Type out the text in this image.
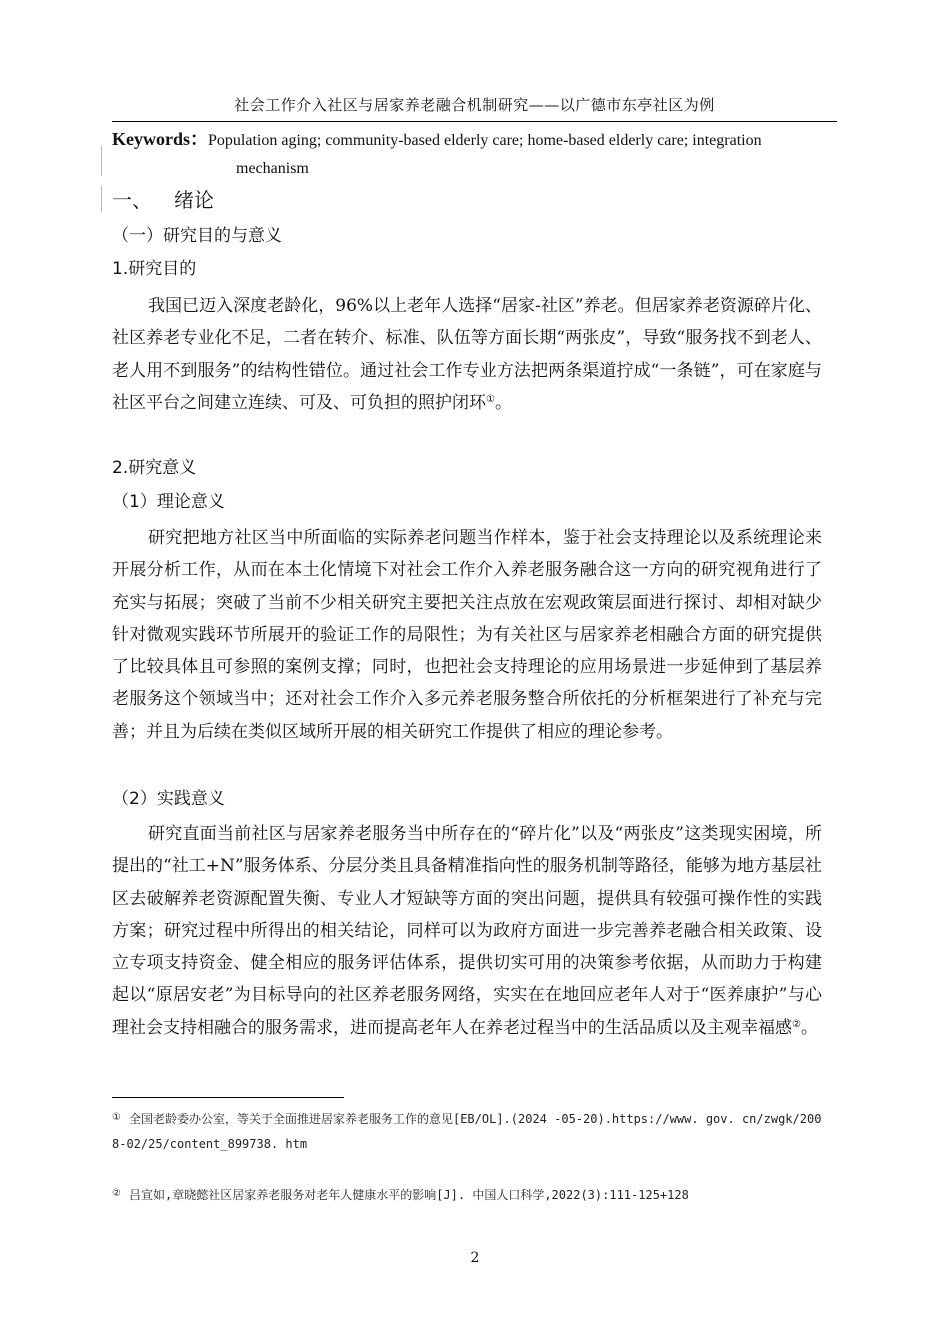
社会工作介入社区与居家养老融合机制研究——以广德市东亭社区为例
Keywords：Population aging; community-based elderly care; home-based elderly care; integration
mechanism
一、 绪论
（一）研究目的与意义
1.研究目的

我国已迈入深度老龄化，96%以上老年人选择“居家-社区”养老。但居家养老资源碎片化、社区养老专业化不足，二者在转介、标准、队伍等方面长期“两张皮”，导致“服务找不到老人、老人用不到服务”的结构性错位。通过社会工作专业方法把两条渠道拧成“一条链”，可在家庭与社区平台之间建立连续、可及、可负担的照护闭环①。

2.研究意义
（1）理论意义

研究把地方社区当中所面临的实际养老问题当作样本，鉴于社会支持理论以及系统理论来开展分析工作，从而在本土化情境下对社会工作介入养老服务融合这一方向的研究视角进行了充实与拓展；突破了当前不少相关研究主要把关注点放在宏观政策层面进行探讨、却相对缺少针对微观实践环节所展开的验证工作的局限性；为有关社区与居家养老相融合方面的研究提供了比较具体且可参照的案例支撑；同时，也把社会支持理论的应用场景进一步延伸到了基层养老服务这个领域当中；还对社会工作介入多元养老服务整合所依托的分析框架进行了补充与完善；并且为后续在类似区域所开展的相关研究工作提供了相应的理论参考。

（2）实践意义

研究直面当前社区与居家养老服务当中所存在的“碎片化”以及“两张皮”这类现实困境，所提出的“社工+N”服务体系、分层分类且具备精准指向性的服务机制等路径，能够为地方基层社区去破解养老资源配置失衡、专业人才短缺等方面的突出问题，提供具有较强可操作性的实践方案；研究过程中所得出的相关结论，同样可以为政府方面进一步完善养老融合相关政策、设立专项支持资金、健全相应的服务评估体系，提供切实可用的决策参考依据，从而助力于构建起以“原居安老”为目标导向的社区养老服务网络，实实在在地回应老年人对于“医养康护”与心理社会支持相融合的服务需求，进而提高老年人在养老过程当中的生活品质以及主观幸福感②。

① 全国老龄委办公室，等关于全面推进居家养老服务工作的意见[EB/OL].(2024 -05-20).https://www. gov. cn/zwgk/2008-02/25/content_899738. htm
② 吕宣如,章晓懿社区居家养老服务对老年人健康水平的影响[J]. 中国人口科学,2022(3):111-125+128
2
